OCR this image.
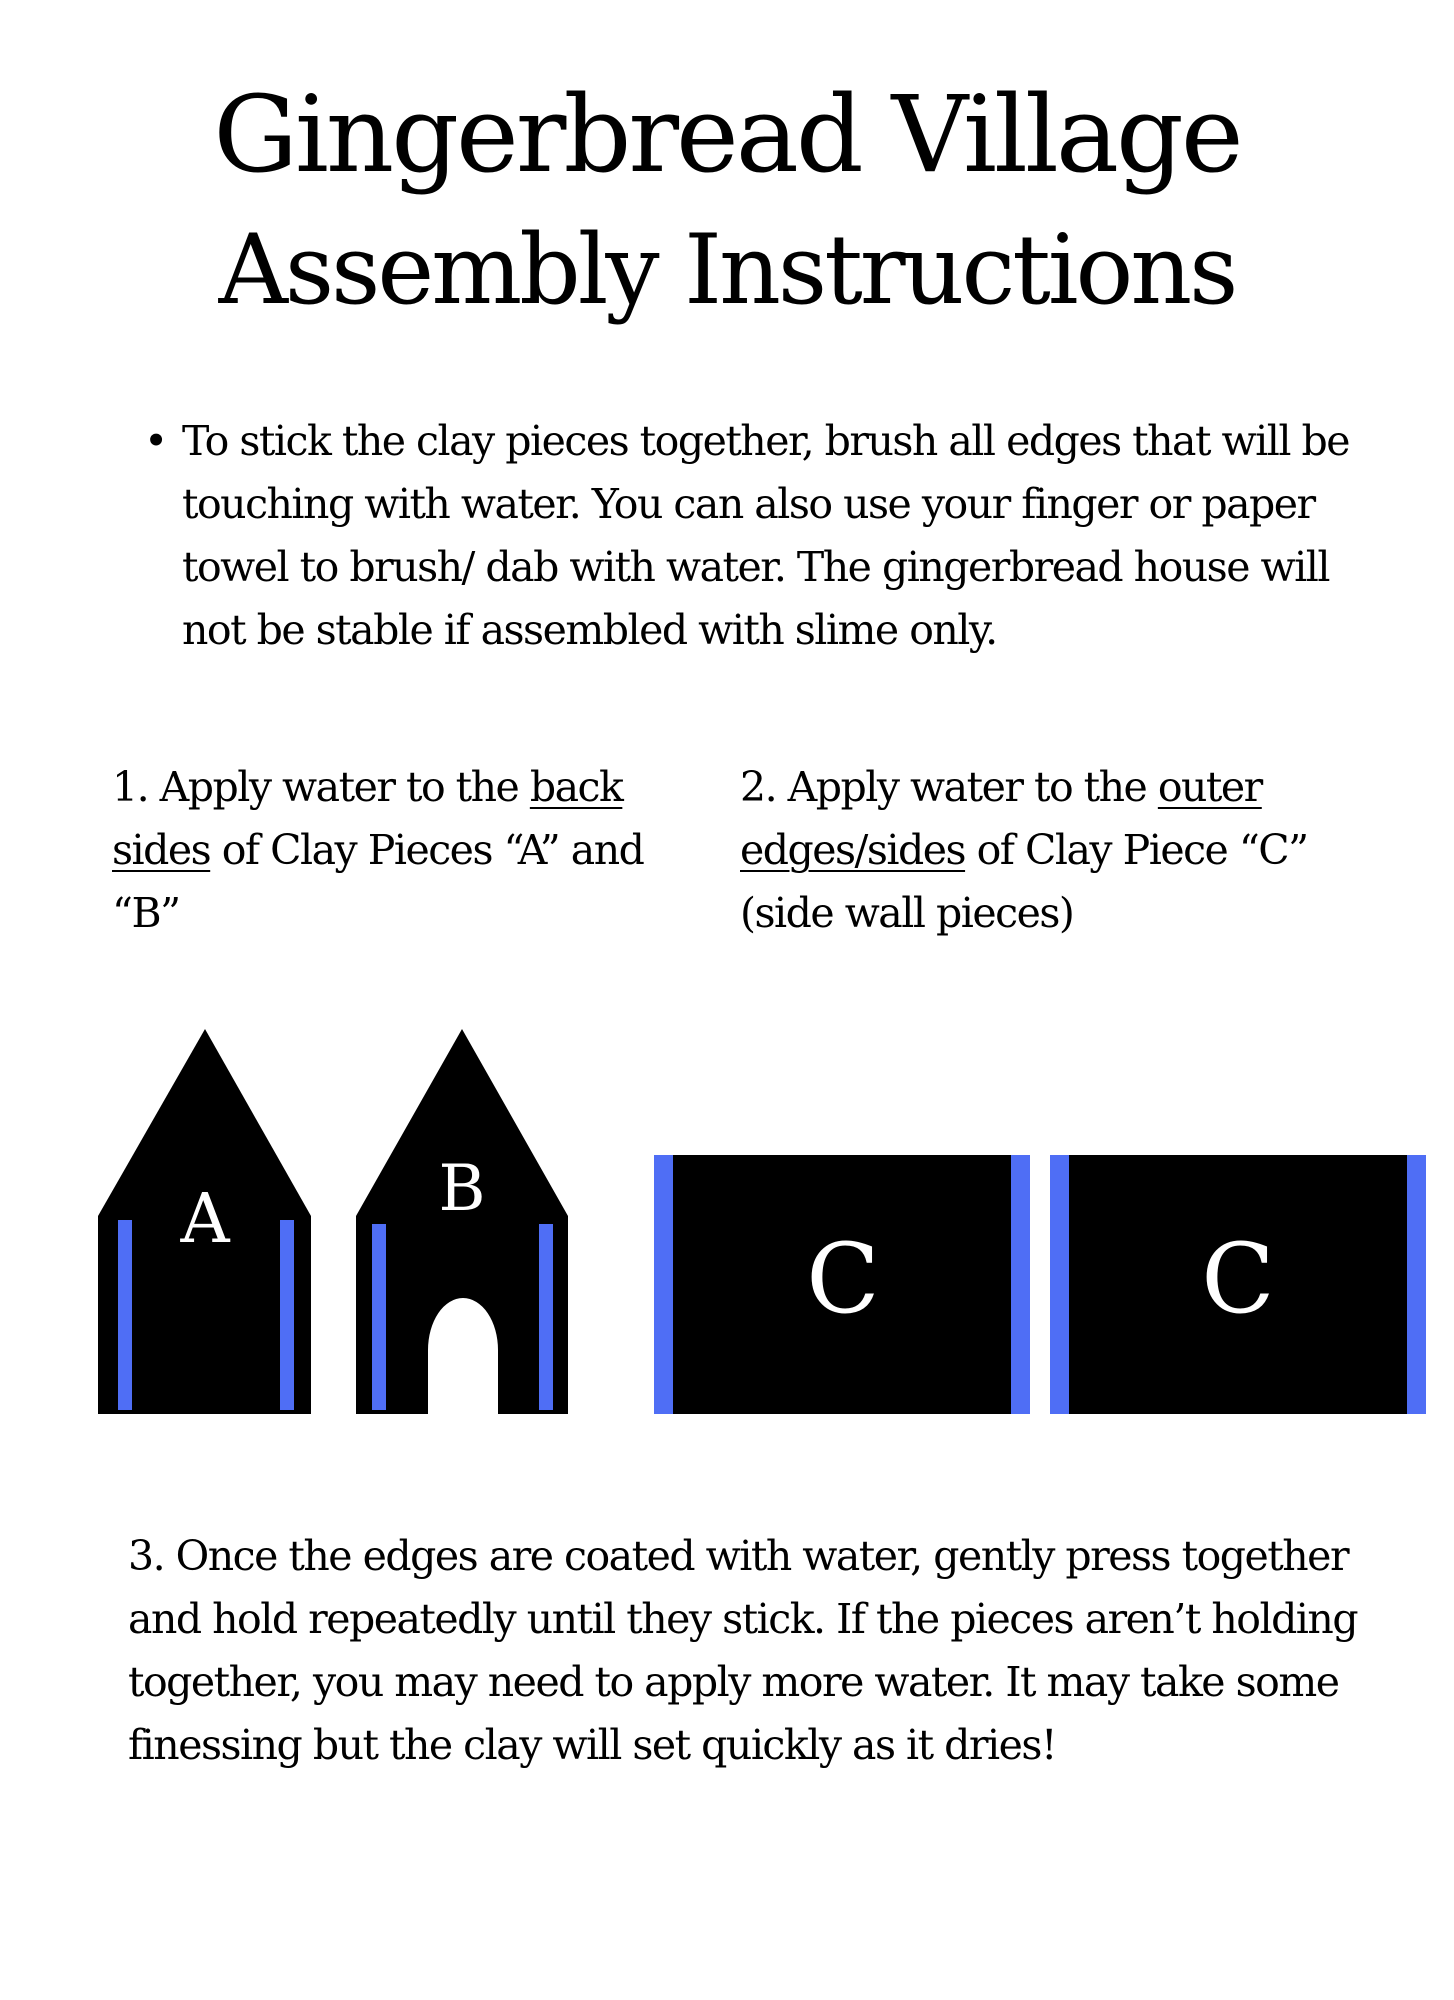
Gingerbread Village
Assembly Instructions
• To stick the clay pieces together, brush all edges that will be touching with water. You can also use your finger or paper towel to brush/ dab with water. The gingerbread house will not be stable if assembled with slime only.
1. Apply water to the back sides of Clay Pieces “A” and “B”
2. Apply water to the outer edges/sides of Clay Piece “C” (side wall pieces)
A	B
C	C
3. Once the edges are coated with water, gently press together and hold repeatedly until they stick. If the pieces aren’t holding together, you may need to apply more water. It may take some finessing but the clay will set quickly as it dries!
